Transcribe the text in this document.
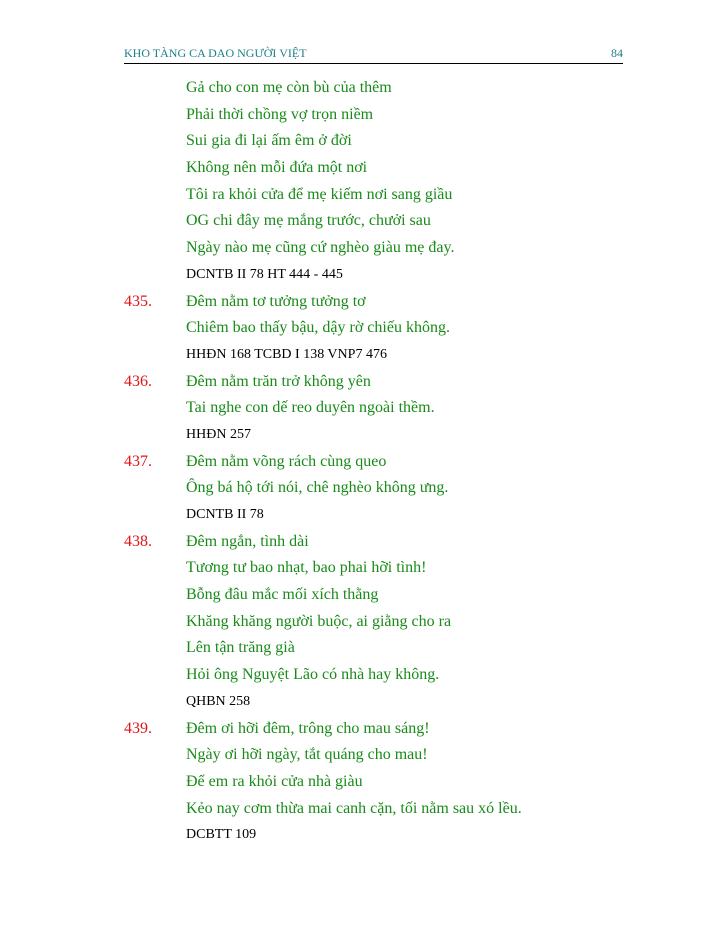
KHO TÀNG CA DAO NGƯỜI VIỆT	84
Gả cho con mẹ còn bù của thêm
Phải thời chồng vợ trọn niềm
Sui gia đi lại ấm êm ở đời
Không nên mỗi đứa một nơi
Tôi ra khỏi cửa để mẹ kiếm nơi sang giầu
OG chi đây mẹ mắng trước, chưởi sau
Ngày nào mẹ cũng cứ nghèo giàu mẹ đay.
DCNTB II 78 HT 444 - 445
435. Đêm nằm tơ tưởng tưởng tơ
Chiêm bao thấy bậu, dậy rờ chiếu không.
HHĐN 168 TCBD I 138 VNP7 476
436. Đêm nằm trăn trở không yên
Tai nghe con dế reo duyên ngoài thềm.
HHĐN 257
437. Đêm nằm võng rách cùng queo
Ông bá hộ tới nói, chê nghèo không ưng.
DCNTB II 78
438. Đêm ngắn, tình dài
Tương tư bao nhạt, bao phai hỡi tình!
Bỗng đâu mắc mối xích thằng
Khăng khăng người buộc, ai giằng cho ra
Lên tận trăng già
Hỏi ông Nguyệt Lão có nhà hay không.
QHBN 258
439. Đêm ơi hỡi đêm, trông cho mau sáng!
Ngày ơi hỡi ngày, tắt quáng cho mau!
Để em ra khỏi cửa nhà giàu
Kẻo nay cơm thừa mai canh cặn, tối nằm sau xó lều.
DCBTT 109
